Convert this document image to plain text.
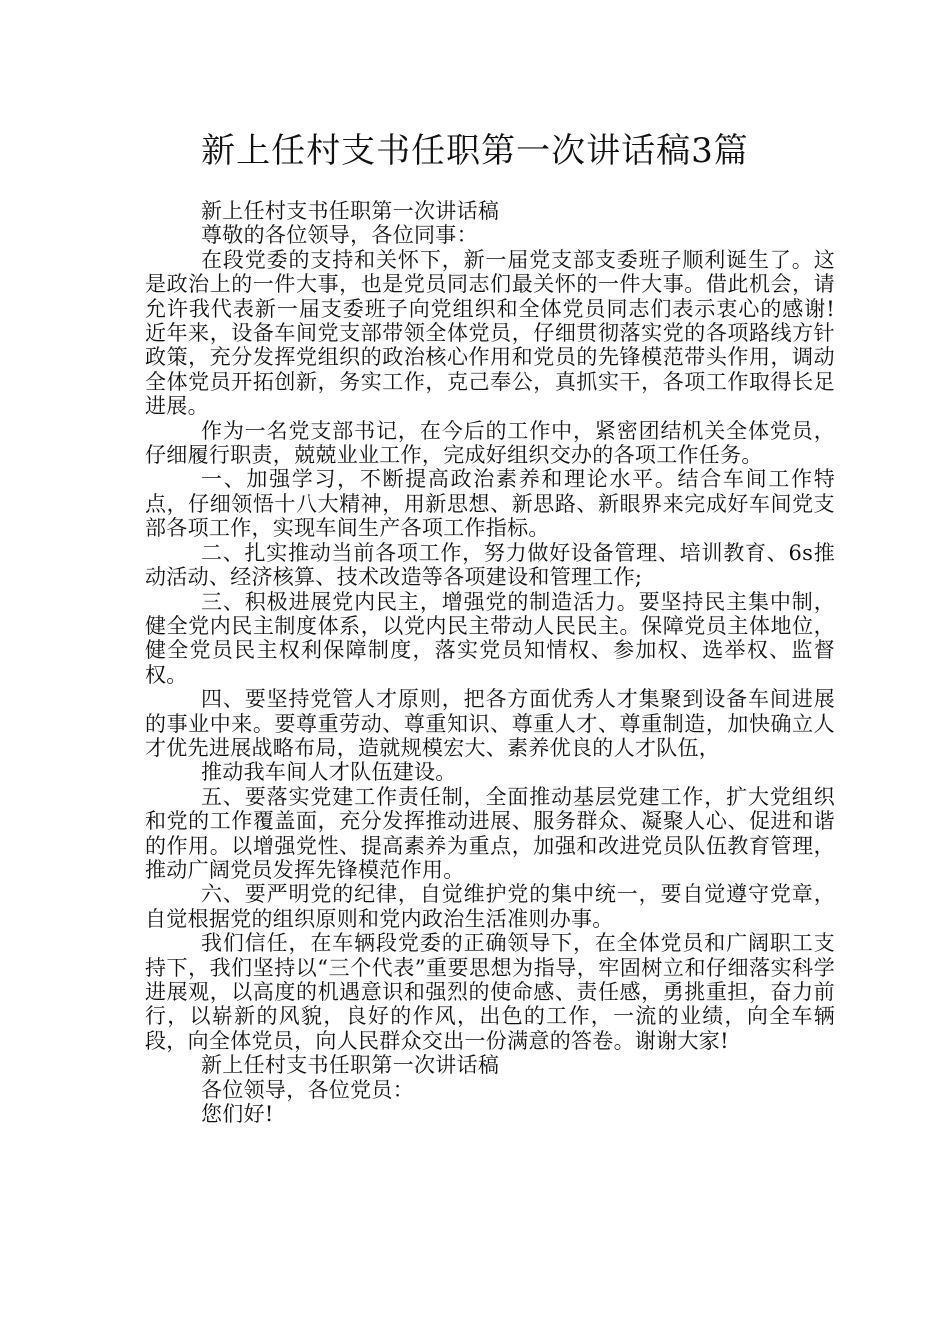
新上任村支书任职第一次讲话稿3篇

新上任村支书任职第一次讲话稿

尊敬的各位领导，各位同事：

在段党委的支持和关怀下，新一届党支部支委班子顺利诞生了。这是政治上的一件大事，也是党员同志们最关怀的一件大事。借此机会，请允许我代表新一届支委班子向党组织和全体党员同志们表示衷心的感谢!近年来，设备车间党支部带领全体党员，仔细贯彻落实党的各项路线方针政策，充分发挥党组织的政治核心作用和党员的先锋模范带头作用，调动全体党员开拓创新，务实工作，克己奉公，真抓实干，各项工作取得长足进展。

作为一名党支部书记，在今后的工作中，紧密团结机关全体党员，仔细履行职责，兢兢业业工作，完成好组织交办的各项工作任务。

一、加强学习，不断提高政治素养和理论水平。结合车间工作特点，仔细领悟十八大精神，用新思想、新思路、新眼界来完成好车间党支部各项工作，实现车间生产各项工作指标。

二、扎实推动当前各项工作，努力做好设备管理、培训教育、6s推动活动、经济核算、技术改造等各项建设和管理工作;

三、积极进展党内民主，增强党的制造活力。要坚持民主集中制，健全党内民主制度体系，以党内民主带动人民民主。保障党员主体地位，健全党员民主权利保障制度，落实党员知情权、参加权、选举权、监督权。

四、要坚持党管人才原则，把各方面优秀人才集聚到设备车间进展的事业中来。要尊重劳动、尊重知识、尊重人才、尊重制造，加快确立人才优先进展战略布局，造就规模宏大、素养优良的人才队伍，

推动我车间人才队伍建设。

五、要落实党建工作责任制，全面推动基层党建工作，扩大党组织和党的工作覆盖面，充分发挥推动进展、服务群众、凝聚人心、促进和谐的作用。以增强党性、提高素养为重点，加强和改进党员队伍教育管理，推动广阔党员发挥先锋模范作用。

六、要严明党的纪律，自觉维护党的集中统一，要自觉遵守党章，自觉根据党的组织原则和党内政治生活准则办事。

我们信任，在车辆段党委的正确领导下，在全体党员和广阔职工支持下，我们坚持以“三个代表”重要思想为指导，牢固树立和仔细落实科学进展观，以高度的机遇意识和强烈的使命感、责任感，勇挑重担，奋力前行，以崭新的风貌，良好的作风，出色的工作，一流的业绩，向全车辆段，向全体党员，向人民群众交出一份满意的答卷。谢谢大家!

新上任村支书任职第一次讲话稿

各位领导，各位党员：

您们好!
